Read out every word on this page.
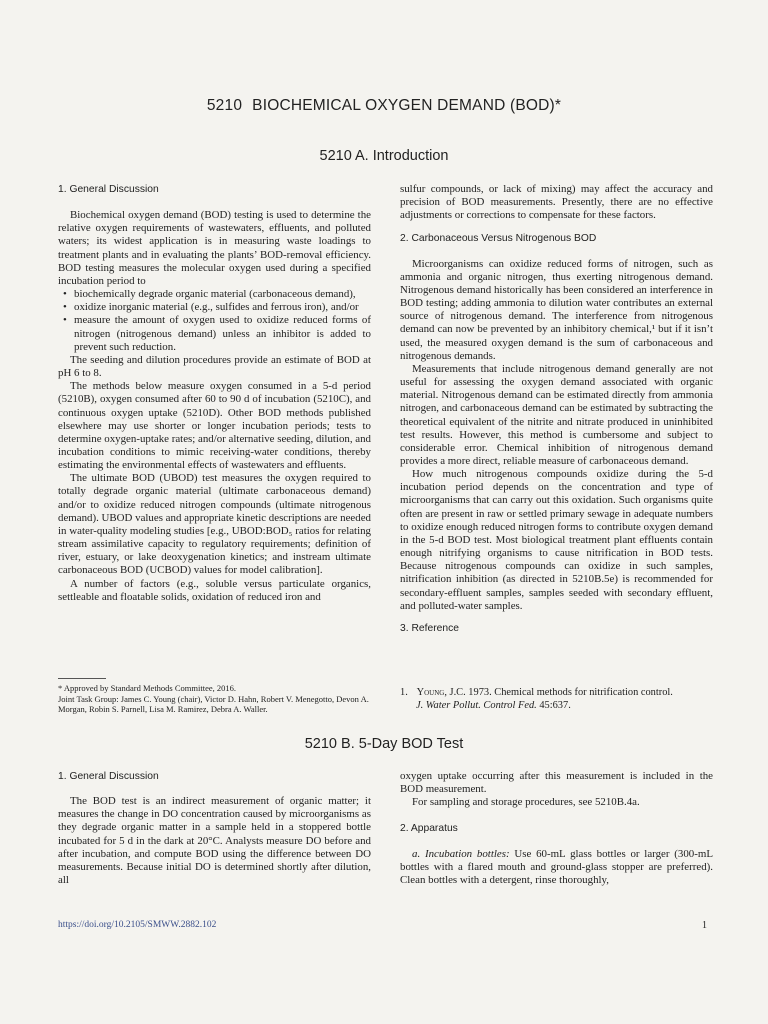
5210 BIOCHEMICAL OXYGEN DEMAND (BOD)*
5210 A. Introduction
1. General Discussion

Biochemical oxygen demand (BOD) testing is used to determine the relative oxygen requirements of wastewaters, effluents, and polluted waters; its widest application is in measuring waste loadings to treatment plants and in evaluating the plants’ BOD-removal efficiency. BOD testing measures the molecular oxygen used during a specified incubation period to

• biochemically degrade organic material (carbonaceous demand),
• oxidize inorganic material (e.g., sulfides and ferrous iron), and/or
• measure the amount of oxygen used to oxidize reduced forms of nitrogen (nitrogenous demand) unless an inhibitor is added to prevent such reduction.

The seeding and dilution procedures provide an estimate of BOD at pH 6 to 8.

The methods below measure oxygen consumed in a 5-d period (5210B), oxygen consumed after 60 to 90 d of incubation (5210C), and continuous oxygen uptake (5210D). Other BOD methods published elsewhere may use shorter or longer incubation periods; tests to determine oxygen-uptake rates; and/or alternative seeding, dilution, and incubation conditions to mimic receiving-water conditions, thereby estimating the environmental effects of wastewaters and effluents.

The ultimate BOD (UBOD) test measures the oxygen required to totally degrade organic material (ultimate carbonaceous demand) and/or to oxidize reduced nitrogen compounds (ultimate nitrogenous demand). UBOD values and appropriate kinetic descriptions are needed in water-quality modeling studies [e.g., UBOD:BOD₅ ratios for relating stream assimilative capacity to regulatory requirements; definition of river, estuary, or lake deoxygenation kinetics; and instream ultimate carbonaceous BOD (UCBOD) values for model calibration].

A number of factors (e.g., soluble versus particulate organics, settleable and floatable solids, oxidation of reduced iron and

sulfur compounds, or lack of mixing) may affect the accuracy and precision of BOD measurements. Presently, there are no effective adjustments or corrections to compensate for these factors.

2. Carbonaceous Versus Nitrogenous BOD

Microorganisms can oxidize reduced forms of nitrogen, such as ammonia and organic nitrogen, thus exerting nitrogenous demand. Nitrogenous demand historically has been considered an interference in BOD testing; adding ammonia to dilution water contributes an external source of nitrogenous demand. The interference from nitrogenous demand can now be prevented by an inhibitory chemical,¹ but if it isn’t used, the measured oxygen demand is the sum of carbonaceous and nitrogenous demands.

Measurements that include nitrogenous demand generally are not useful for assessing the oxygen demand associated with organic material. Nitrogenous demand can be estimated directly from ammonia nitrogen, and carbonaceous demand can be estimated by subtracting the theoretical equivalent of the nitrite and nitrate produced in uninhibited test results. However, this method is cumbersome and subject to considerable error. Chemical inhibition of nitrogenous demand provides a more direct, reliable measure of carbonaceous demand.

How much nitrogenous compounds oxidize during the 5-d incubation period depends on the concentration and type of microorganisms that can carry out this oxidation. Such organisms quite often are present in raw or settled primary sewage in adequate numbers to oxidize enough reduced nitrogen forms to contribute oxygen demand in the 5-d BOD test. Most biological treatment plant effluents contain enough nitrifying organisms to cause nitrification in BOD tests. Because nitrogenous compounds can oxidize in such samples, nitrification inhibition (as directed in 5210B.5e) is recommended for secondary-effluent samples, samples seeded with secondary effluent, and polluted-water samples.

3. Reference
1. Young, J.C. 1973. Chemical methods for nitrification control.
J. Water Pollut. Control Fed. 45:637.

* Approved by Standard Methods Committee, 2016.

Joint Task Group: James C. Young (chair), Victor D. Hahn, Robert V. Menegotto, Devon A. Morgan, Robin S. Parnell, Lisa M. Ramirez, Debra A. Waller.

5210 B. 5-Day BOD Test
1. General Discussion

The BOD test is an indirect measurement of organic matter; it measures the change in DO concentration caused by microorganisms as they degrade organic matter in a sample held in a stoppered bottle incubated for 5 d in the dark at 20°C. Analysts measure DO before and after incubation, and compute BOD using the difference between DO measurements. Because initial DO is determined shortly after dilution, all

oxygen uptake occurring after this measurement is included in the BOD measurement.

For sampling and storage procedures, see 5210B.4a.

2. Apparatus

a. Incubation bottles: Use 60-mL glass bottles or larger (300-mL bottles with a flared mouth and ground-glass stopper are preferred). Clean bottles with a detergent, rinse thoroughly,

https://doi.org/10.2105/SMWW.2882.102	1
